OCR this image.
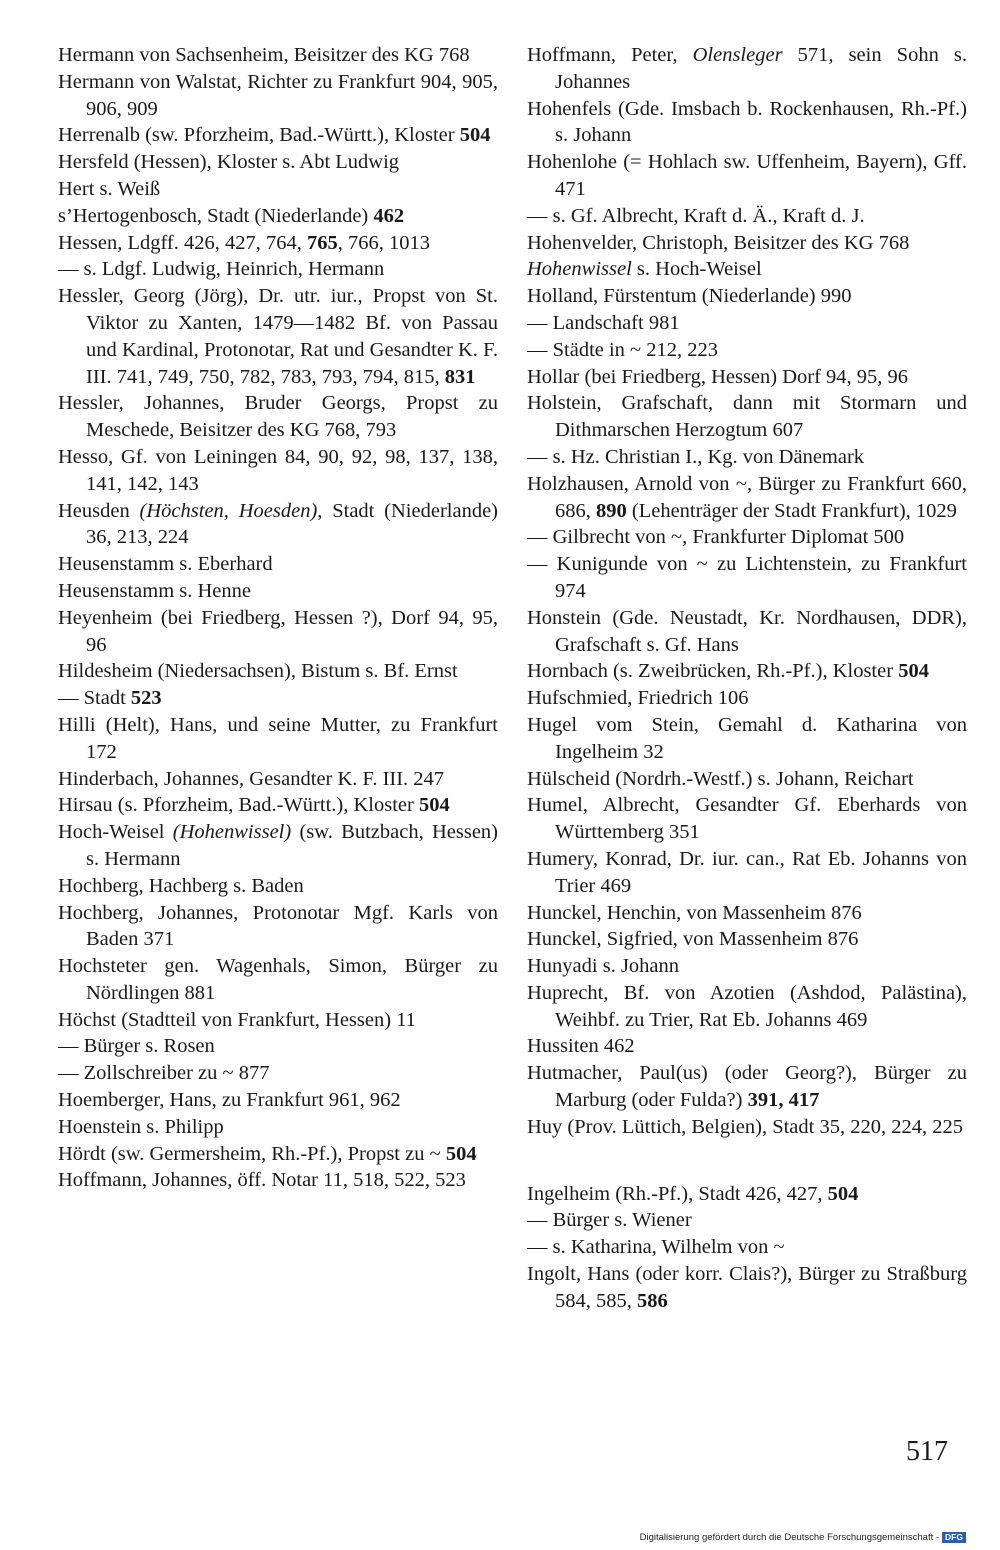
Hermann von Sachsenheim, Beisitzer des KG 768
Hermann von Walstat, Richter zu Frankfurt 904, 905, 906, 909
Herrenalb (sw. Pforzheim, Bad.-Württ.), Kloster 504
Hersfeld (Hessen), Kloster s. Abt Ludwig
Hert s. Weiß
s’Hertogenbosch, Stadt (Niederlande) 462
Hessen, Ldgff. 426, 427, 764, 765, 766, 1013
— s. Ldgf. Ludwig, Heinrich, Hermann
Hessler, Georg (Jörg), Dr. utr. iur., Propst von St. Viktor zu Xanten, 1479—1482 Bf. von Passau und Kardinal, Protonotar, Rat und Gesandter K. F. III. 741, 749, 750, 782, 783, 793, 794, 815, 831
Hessler, Johannes, Bruder Georgs, Propst zu Meschede, Beisitzer des KG 768, 793
Hesso, Gf. von Leiningen 84, 90, 92, 98, 137, 138, 141, 142, 143
Heusden (Höchsten, Hoesden), Stadt (Niederlande) 36, 213, 224
Heusenstamm s. Eberhard
Heusenstamm s. Henne
Heyenheim (bei Friedberg, Hessen ?), Dorf 94, 95, 96
Hildesheim (Niedersachsen), Bistum s. Bf. Ernst
— Stadt 523
Hilli (Helt), Hans, und seine Mutter, zu Frankfurt 172
Hinderbach, Johannes, Gesandter K. F. III. 247
Hirsau (s. Pforzheim, Bad.-Württ.), Kloster 504
Hoch-Weisel (Hohenwissel) (sw. Butzbach, Hessen) s. Hermann
Hochberg, Hachberg s. Baden
Hochberg, Johannes, Protonotar Mgf. Karls von Baden 371
Hochsteter gen. Wagenhals, Simon, Bürger zu Nördlingen 881
Höchst (Stadtteil von Frankfurt, Hessen) 11
— Bürger s. Rosen
— Zollschreiber zu ~ 877
Hoemberger, Hans, zu Frankfurt 961, 962
Hoenstein s. Philipp
Hördt (sw. Germersheim, Rh.-Pf.), Propst zu ~ 504
Hoffmann, Johannes, öff. Notar 11, 518, 522, 523
Hoffmann, Peter, Olensleger 571, sein Sohn s. Johannes
Hohenfels (Gde. Imsbach b. Rockenhausen, Rh.-Pf.) s. Johann
Hohenlohe (= Hohlach sw. Uffenheim, Bayern), Gff. 471
— s. Gf. Albrecht, Kraft d. Ä., Kraft d. J.
Hohenvelder, Christoph, Beisitzer des KG 768
Hohenwissel s. Hoch-Weisel
Holland, Fürstentum (Niederlande) 990
— Landschaft 981
— Städte in ~ 212, 223
Hollar (bei Friedberg, Hessen) Dorf 94, 95, 96
Holstein, Grafschaft, dann mit Stormarn und Dithmarschen Herzogtum 607
— s. Hz. Christian I., Kg. von Dänemark
Holzhausen, Arnold von ~, Bürger zu Frankfurt 660, 686, 890 (Lehenträger der Stadt Frankfurt), 1029
— Gilbrecht von ~, Frankfurter Diplomat 500
— Kunigunde von ~ zu Lichtenstein, zu Frankfurt 974
Honstein (Gde. Neustadt, Kr. Nordhausen, DDR), Grafschaft s. Gf. Hans
Hornbach (s. Zweibrücken, Rh.-Pf.), Kloster 504
Hufschmied, Friedrich 106
Hugel vom Stein, Gemahl d. Katharina von Ingelheim 32
Hülscheid (Nordrh.-Westf.) s. Johann, Reichart
Humel, Albrecht, Gesandter Gf. Eberhards von Württemberg 351
Humery, Konrad, Dr. iur. can., Rat Eb. Johanns von Trier 469
Hunckel, Henchin, von Massenheim 876
Hunckel, Sigfried, von Massenheim 876
Hunyadi s. Johann
Huprecht, Bf. von Azotien (Ashdod, Palästina), Weihbf. zu Trier, Rat Eb. Johanns 469
Hussiten 462
Hutmacher, Paul(us) (oder Georg?), Bürger zu Marburg (oder Fulda?) 391, 417
Huy (Prov. Lüttich, Belgien), Stadt 35, 220, 224, 225
Ingelheim (Rh.-Pf.), Stadt 426, 427, 504
— Bürger s. Wiener
— s. Katharina, Wilhelm von ~
Ingolt, Hans (oder korr. Clais?), Bürger zu Straßburg 584, 585, 586
517
Digitalisierung gefördert durch die Deutsche Forschungsgemeinschaft - DFG
